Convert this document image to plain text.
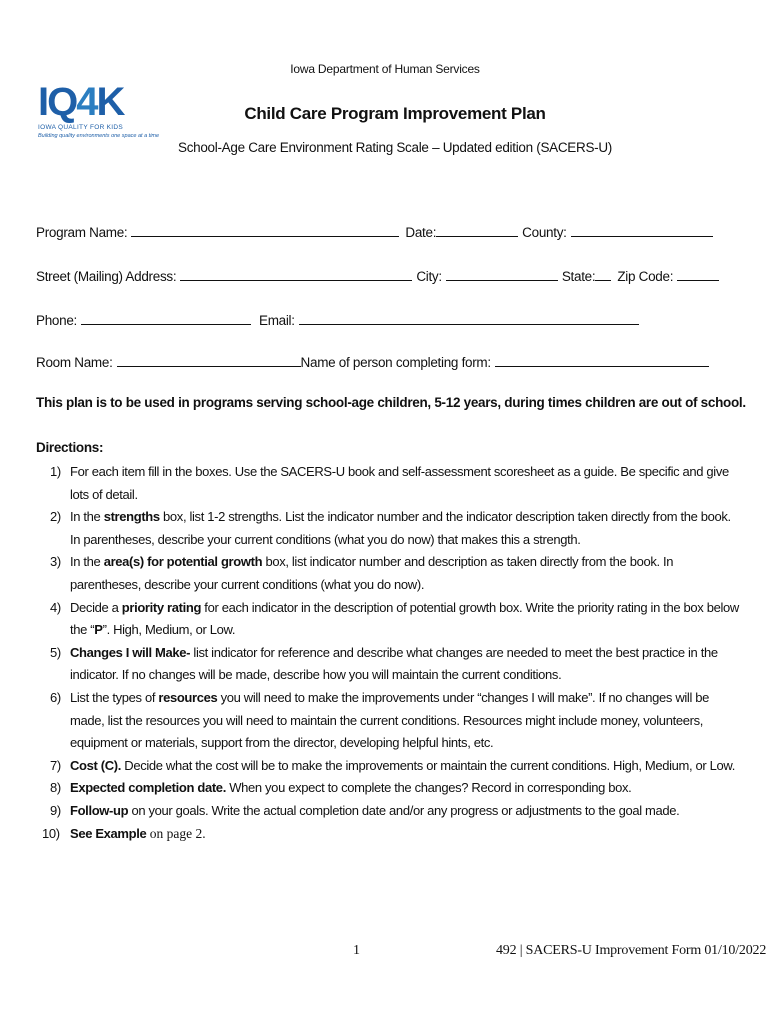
IQ4K
IOWA QUALITY FOR KIDS
Building quality environments one space at a time
Iowa Department of Human Services
Child Care Program Improvement Plan
School-Age Care Environment Rating Scale – Updated edition (SACERS-U)
Program Name:	Date:	County:
Street (Mailing) Address:	City:	State: Zip Code:
Phone:	Email:
Room Name:	Name of person completing form:
This plan is to be used in programs serving school-age children, 5-12 years, during times children are out of school.
Directions:
1) For each item fill in the boxes. Use the SACERS-U book and self-assessment scoresheet as a guide. Be specific and give lots of detail.
2) In the strengths box, list 1-2 strengths. List the indicator number and the indicator description taken directly from the book. In parentheses, describe your current conditions (what you do now) that makes this a strength.
3) In the area(s) for potential growth box, list indicator number and description as taken directly from the book. In parentheses, describe your current conditions (what you do now).
4) Decide a priority rating for each indicator in the description of potential growth box. Write the priority rating in the box below the “P”. High, Medium, or Low.
5) Changes I will Make- list indicator for reference and describe what changes are needed to meet the best practice in the indicator. If no changes will be made, describe how you will maintain the current conditions.
6) List the types of resources you will need to make the improvements under “changes I will make”. If no changes will be made, list the resources you will need to maintain the current conditions. Resources might include money, volunteers, equipment or materials, support from the director, developing helpful hints, etc.
7) Cost (C). Decide what the cost will be to make the improvements or maintain the current conditions. High, Medium, or Low.
8) Expected completion date. When you expect to complete the changes? Record in corresponding box.
9) Follow-up on your goals. Write the actual completion date and/or any progress or adjustments to the goal made.
10) See Example on page 2.
1	492 | SACERS-U Improvement Form 01/10/2022
